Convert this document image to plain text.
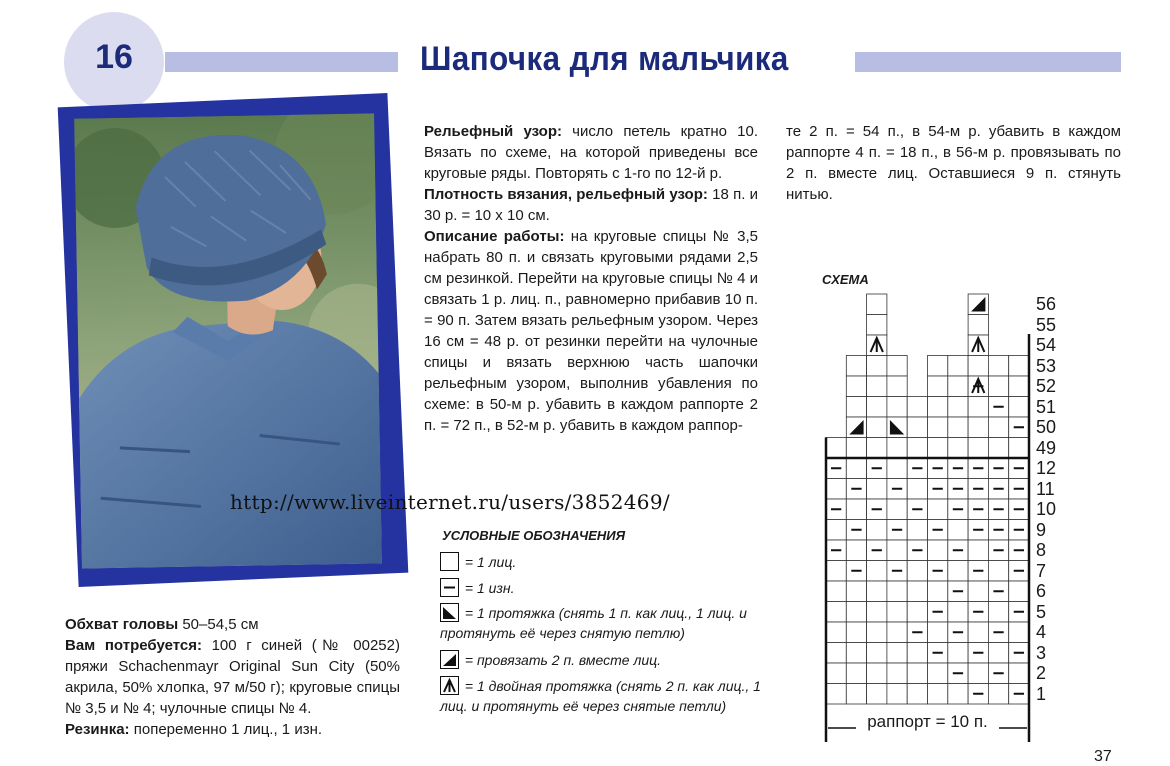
16	Шапочка для мальчика

Рельефный узор: число петель кратно 10. Вязать по схеме, на которой приведены все круговые ряды. Повторять с 1-го по 12-й р.

Плотность вязания, рельефный узор: 18 п. и 30 р. = 10 x 10 см.

Описание работы: на круговые спицы № 3,5 набрать 80 п. и связать круговыми рядами 2,5 см резинкой. Перейти на круговые спицы № 4 и связать 1 р. лиц. п., равномерно прибавив 10 п. = 90 п. Затем вязать рельефным узором. Через 16 см = 48 р. от резинки перейти на чулочные спицы и вязать верхнюю часть шапочки рельефным узором, выполнив убавления по схеме: в 50-м р. убавить в каждом раппорте 2 п. = 72 п., в 52-м р. убавить в каждом раппор-

те 2 п. = 54 п., в 54-м р. убавить в каждом раппорте 4 п. = 18 п., в 56-м р. провязывать по 2 п. вместе лиц. Оставшиеся 9 п. стянуть нитью.

Обхват головы 50–54,5 см

Вам потребуется: 100 г синей (№ 00252) пряжи Schachenmayr Original Sun City (50% акрила, 50% хлопка, 97 м/50 г); круговые спицы № 3,5 и № 4; чулочные спицы № 4.

Резинка: попеременно 1 лиц., 1 изн.

http://www.liveinternet.ru/users/3852469/
УСЛОВНЫЕ ОБОЗНАЧЕНИЯ
= 1 лиц.
= 1 изн.
= 1 протяжка (снять 1 п. как лиц., 1 лиц. и протянуть её через снятую петлю)
= провязать 2 п. вместе лиц.
= 1 двойная протяжка (снять 2 п. как лиц., 1 лиц. и протянуть её через снятые петли)
СХЕМА
56
55
54
53
52
51
50
49
12
11
10
9
8
7
6
5
4
3
2
1
раппорт = 10 п.
37
